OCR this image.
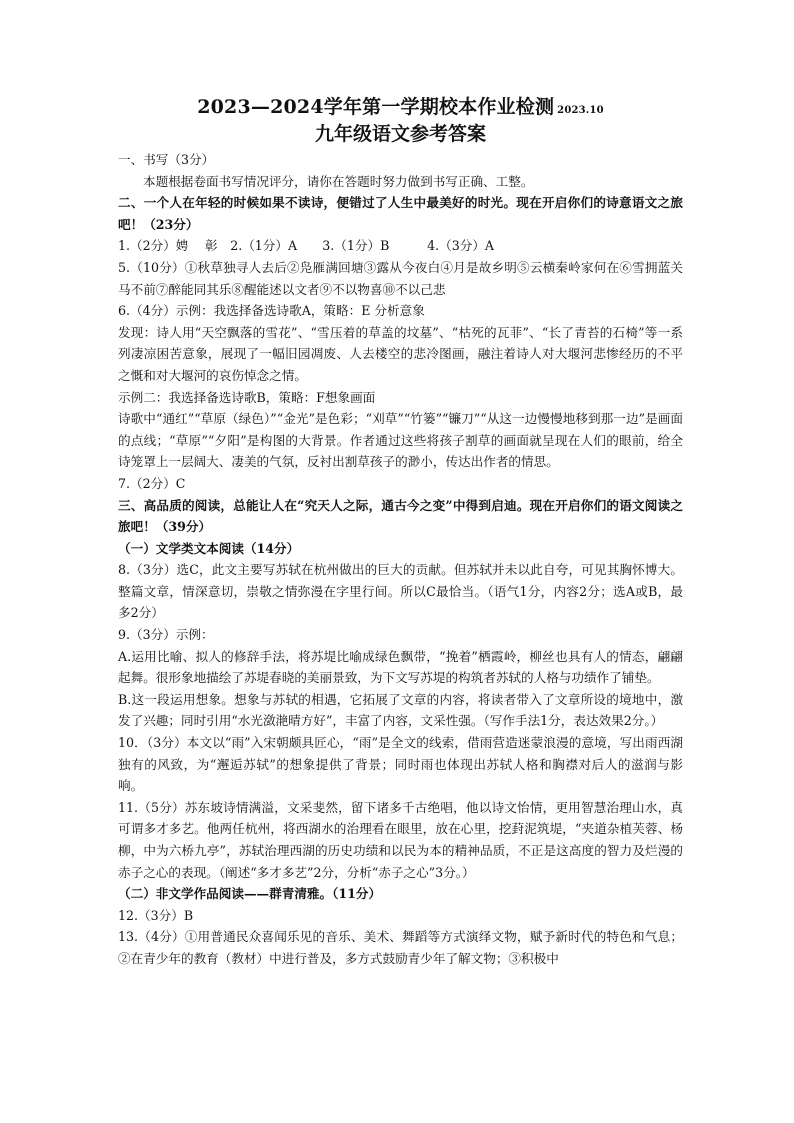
2023—2024学年第一学期校本作业检测 2023.10
九年级语文参考答案

一、书写（3分）

本题根据卷面书写情况评分，请你在答题时努力做到书写正确、工整。

二、一个人在年轻的时候如果不读诗，便错过了人生中最美好的时光。现在开启你们的诗意语文之旅吧！（23分）

1.（2分）娉　 彰　2.（1分）A　　3.（1分）B　　　4.（3分）A

5.（10分）①秋草独寻人去后②凫雁满回塘③露从今夜白④月是故乡明⑤云横秦岭家何在⑥雪拥蓝关马不前⑦醉能同其乐⑧醒能述以文者⑨不以物喜⑩不以己悲

6.（4分）示例：我选择备选诗歌A，策略：E 分析意象

发现：诗人用“天空飘落的雪花”、“雪压着的草盖的坟墓”、“枯死的瓦菲”、“长了青苔的石椅”等一系列凄凉困苦意象，展现了一幅旧园凋废、人去楼空的悲冷图画，融注着诗人对大堰河悲惨经历的不平之慨和对大堰河的哀伤悼念之情。

示例二：我选择备选诗歌B，策略：F想象画面

诗歌中“通红”“草原（绿色）”“金光”是色彩；“刈草”“竹篓”“镰刀”“从这一边慢慢地移到那一边”是画面的点线；“草原”“夕阳”是构图的大背景。作者通过这些将孩子割草的画面就呈现在人们的眼前，给全诗笼罩上一层阔大、凄美的气氛，反衬出割草孩子的渺小，传达出作者的情思。

7.（2分）C

三、高品质的阅读，总能让人在“究天人之际，通古今之变”中得到启迪。现在开启你们的语文阅读之旅吧！（39分）

（一）文学类文本阅读（14分）

8.（3分）选C，此文主要写苏轼在杭州做出的巨大的贡献。但苏轼并未以此自夸，可见其胸怀博大。整篇文章，情深意切，崇敬之情弥漫在字里行间。所以C最恰当。（语气1分，内容2分；选A或B，最多2分）

9.（3分）示例：

A.运用比喻、拟人的修辞手法，将苏堤比喻成绿色飘带，“挽着”栖霞岭，柳丝也具有人的情态，翩翩起舞。很形象地描绘了苏堤春晓的美丽景致，为下文写苏堤的构筑者苏轼的人格与功绩作了铺垫。

B.这一段运用想象。想象与苏轼的相遇，它拓展了文章的内容，将读者带入了文章所设的境地中，激发了兴趣；同时引用“水光潋滟晴方好”，丰富了内容，文采性强。（写作手法1分，表达效果2分。）

10．（3分）本文以“雨”入宋朝颇具匠心，“雨”是全文的线索，借雨营造迷蒙浪漫的意境，写出雨西湖独有的风致，为“邂逅苏轼”的想象提供了背景；同时雨也体现出苏轼人格和胸襟对后人的滋润与影响。

11.（5分）苏东坡诗情满溢，文采斐然，留下诸多千古绝唱，他以诗文怡情，更用智慧治理山水，真可谓多才多艺。他两任杭州，将西湖水的治理看在眼里，放在心里，挖葑泥筑堤，“夹道杂植芙蓉、杨柳，中为六桥九亭”，苏轼治理西湖的历史功绩和以民为本的精神品质，不正是这高度的智力及烂漫的赤子之心的表现。（阐述“多才多艺”2分，分析“赤子之心”3分。）

（二）非文学作品阅读——群青清雅。（11分）

12.（3分）B

13.（4分）①用普通民众喜闻乐见的音乐、美术、舞蹈等方式演绎文物，赋予新时代的特色和气息；②在青少年的教育（教材）中进行普及，多方式鼓励青少年了解文物；③积极中
